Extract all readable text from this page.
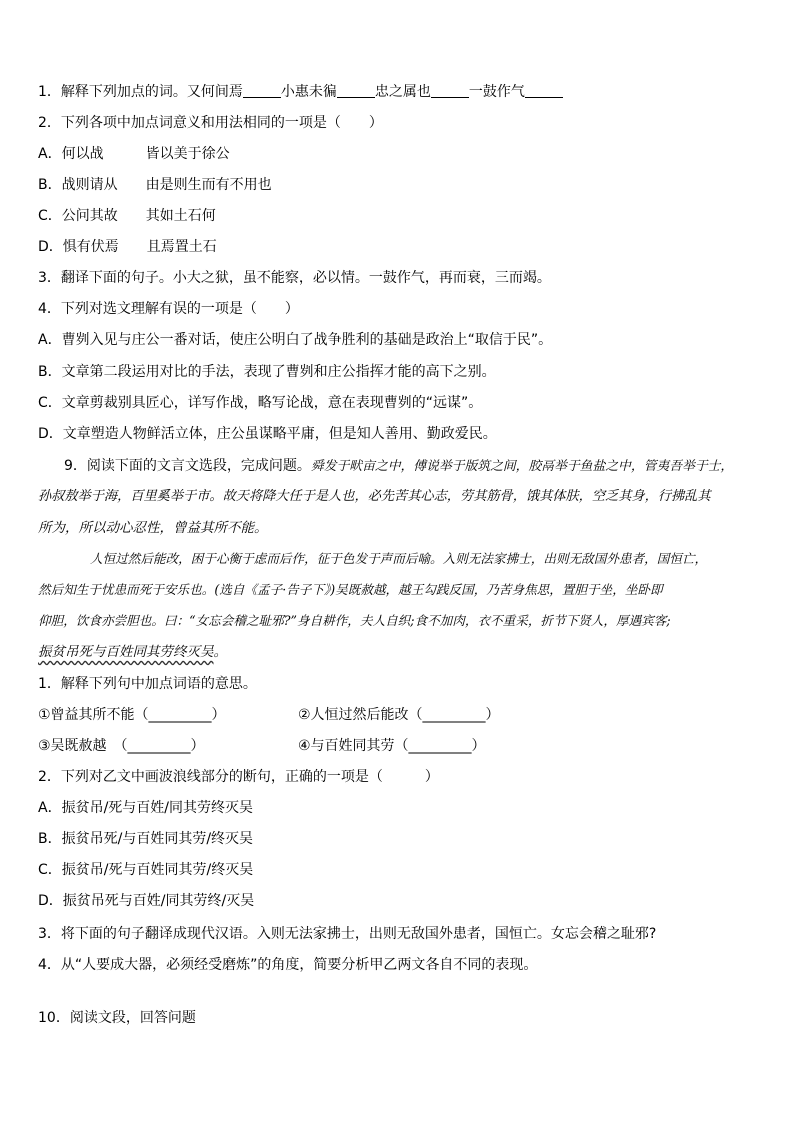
1．解释下列加点的词。又何间焉	小惠未徧	忠之属也	一鼓作气

2．下列各项中加点词意义和用法相同的一项是（　　）

A．何以战　　　皆以美于徐公

B．战则请从　　由是则生而有不用也

C．公问其故　　其如土石何

D．惧有伏焉　　且焉置土石

3．翻译下面的句子。小大之狱，虽不能察，必以情。一鼓作气，再而衰，三而竭。

4．下列对选文理解有误的一项是（　　）

A．曹刿入见与庄公一番对话，使庄公明白了战争胜利的基础是政治上“取信于民”。

B．文章第二段运用对比的手法，表现了曹刿和庄公指挥才能的高下之别。

C．文章剪裁别具匠心，详写作战，略写论战，意在表现曹刿的“远谋”。

D．文章塑造人物鲜活立体，庄公虽谋略平庸，但是知人善用、勤政爱民。

9．阅读下面的文言文选段，完成问题。舜发于畎亩之中，傅说举于版筑之间，胶鬲举于鱼盐之中，管夷吾举于士，

孙叔敖举于海，百里奚举于市。故天将降大任于是人也，必先苦其心志，劳其筋骨，饿其体肤，空乏其身，行拂乱其

所为，所以动心忍性，曾益其所不能。

人恒过然后能改，困于心衡于虑而后作，征于色发于声而后喻。入则无法家拂士，出则无敌国外患者，国恒亡，

然后知生于忧患而死于安乐也。(选自《孟子·告子下》)吴既赦越，越王勾践反国，乃苦身焦思，置胆于坐，坐卧即

仰胆，饮食亦尝胆也。曰：“女忘会稽之耻邪?”身自耕作，夫人自织;食不加肉，衣不重采，折节下贤人，厚遇宾客;

振贫吊死与百姓同其劳终灭吴。

1．解释下列句中加点词语的意思。

①曾益其所不能（_________）	②人恒过然后能改（_________）

③吴既赦越　（_________）	④与百姓同其劳（_________）

2．下列对乙文中画波浪线部分的断句，正确的一项是（　　　）

A．振贫吊/死与百姓/同其劳终灭吴

B．振贫吊死/与百姓同其劳/终灭吴

C．振贫吊/死与百姓同其劳/终灭吴

D．振贫吊死与百姓/同其劳终/灭吴

3．将下面的句子翻译成现代汉语。入则无法家拂士，出则无敌国外患者，国恒亡。女忘会稽之耻邪?

4．从“人要成大器，必须经受磨炼”的角度，简要分析甲乙两文各自不同的表现。

10．阅读文段，回答问题
